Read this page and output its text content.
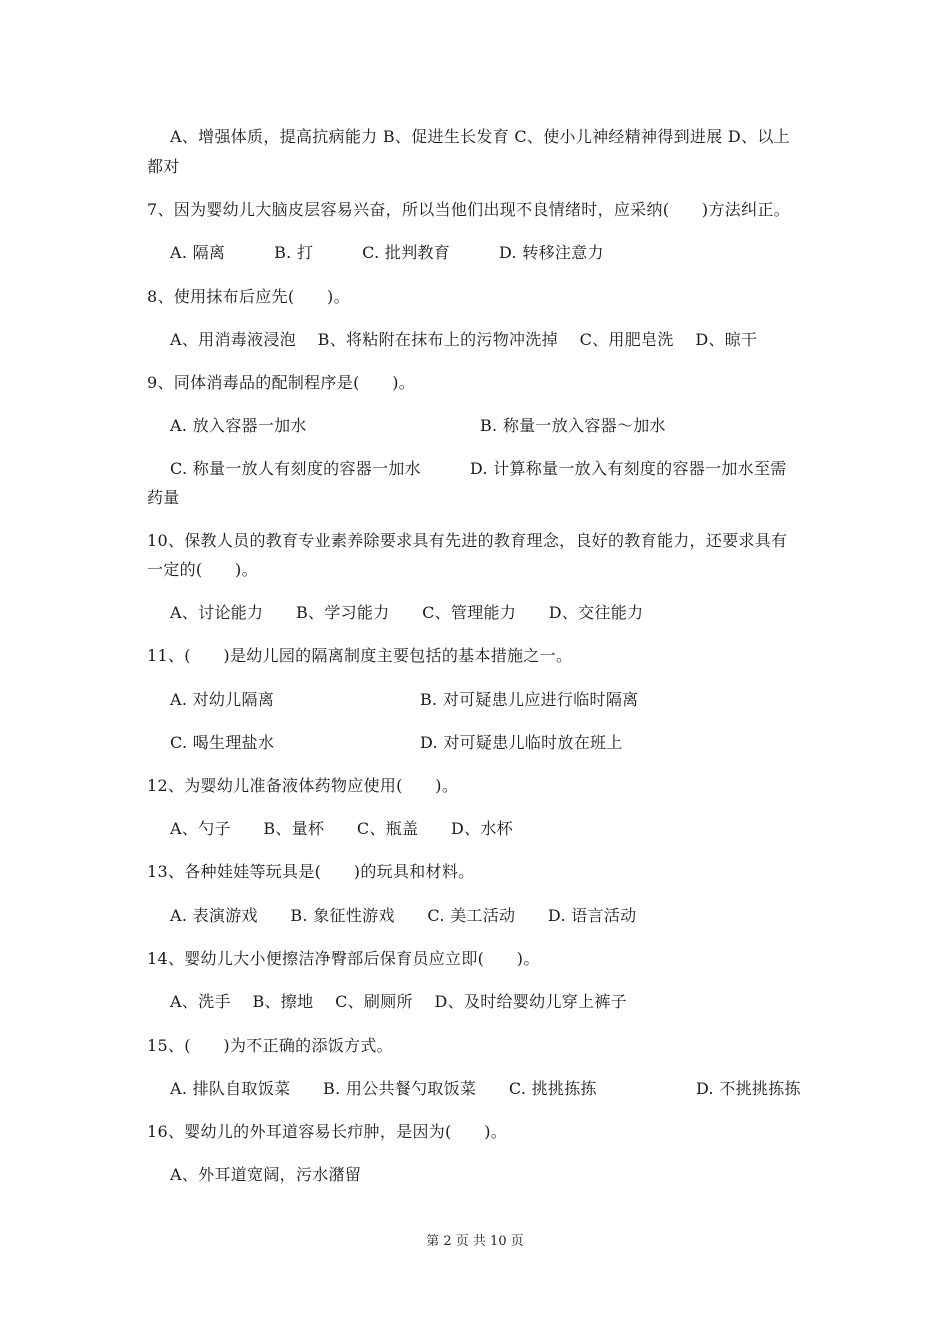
A、增强体质，提高抗病能力 B、促进生长发育 C、使小儿神经精神得到进展 D、以上
都对
7、因为婴幼儿大脑皮层容易兴奋，所以当他们出现不良情绪时，应采纳(　　)方法纠正。
A. 隔离　　　B. 打　　　C. 批判教育　　　D. 转移注意力
8、使用抹布后应先(　　)。
A、用消毒液浸泡　 B、将粘附在抹布上的污物冲洗掉　 C、用肥皂洗　 D、晾干
9、同体消毒品的配制程序是(　　)。
A. 放入容器一加水	B. 称量一放入容器～加水
C. 称量一放人有刻度的容器一加水　　　D. 计算称量一放入有刻度的容器一加水至需
药量
10、保教人员的教育专业素养除要求具有先进的教育理念，良好的教育能力，还要求具有
一定的(　　)。
A、讨论能力　　B、学习能力　　C、管理能力　　D、交往能力
11、(　　)是幼儿园的隔离制度主要包括的基本措施之一。
A. 对幼儿隔离	B. 对可疑患儿应进行临时隔离
C. 喝生理盐水	D. 对可疑患儿临时放在班上
12、为婴幼儿准备液体药物应使用(　　)。
A、勺子　　B、量杯　　C、瓶盖　　D、水杯
13、各种娃娃等玩具是(　　)的玩具和材料。
A. 表演游戏　　B. 象征性游戏　　C. 美工活动　　D. 语言活动
14、婴幼儿大小便擦洁净臀部后保育员应立即(　　)。
A、洗手　 B、擦地　 C、刷厕所　 D、及时给婴幼儿穿上裤子
15、(　　)为不正确的添饭方式。
A. 排队自取饭菜　　B. 用公共餐勺取饭菜　　C. 挑挑拣拣	D. 不挑挑拣拣
16、婴幼儿的外耳道容易长疖肿，是因为(　　)。
A、外耳道宽阔，污水潴留
第 2 页 共 10 页
